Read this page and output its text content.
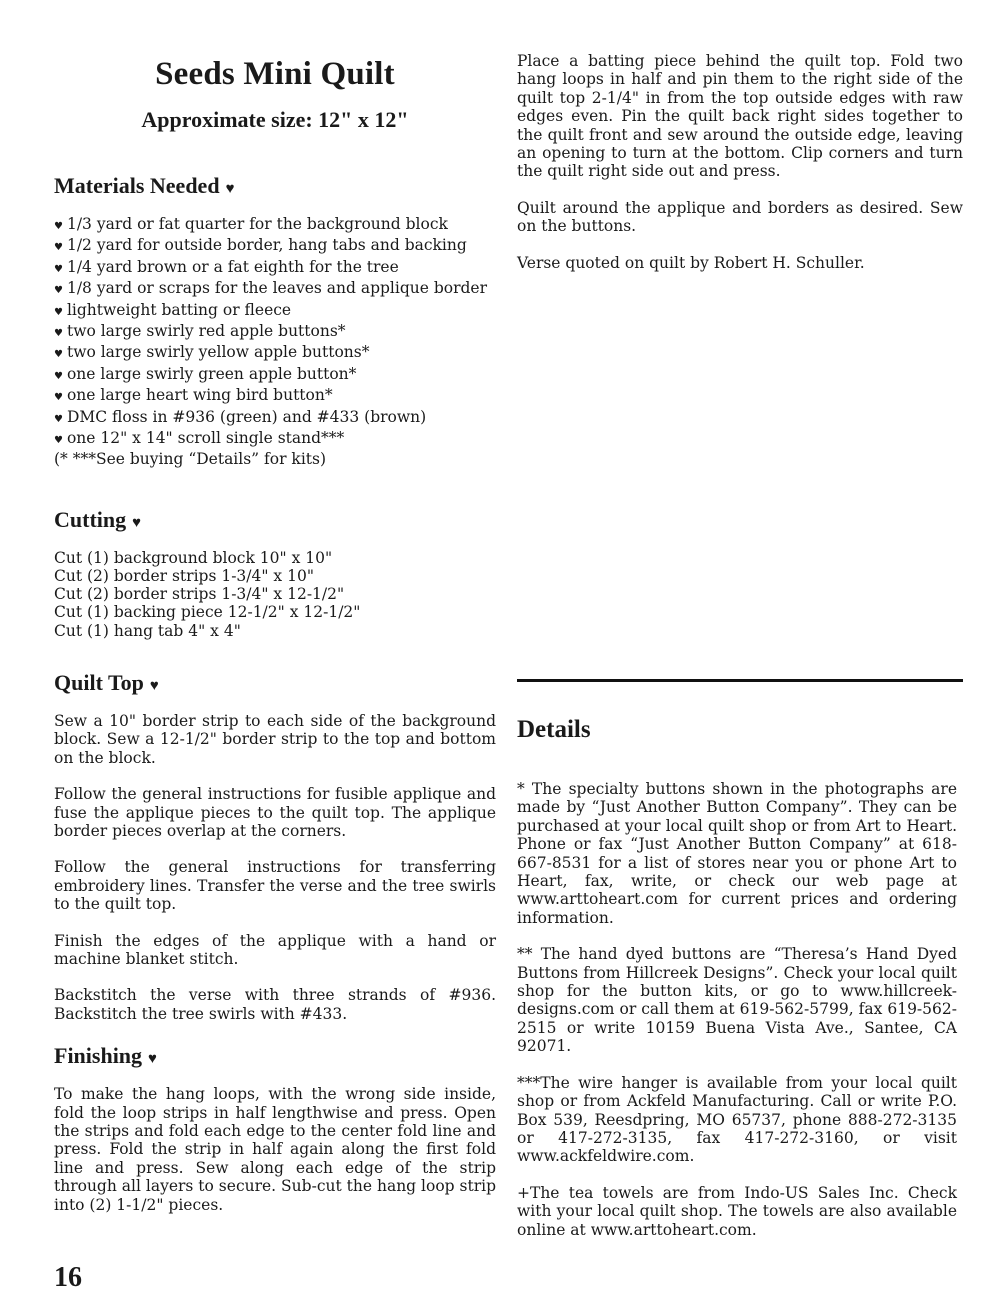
Seeds Mini Quilt
Approximate size: 12" x 12"
Materials Needed ♥
♥ 1/3 yard or fat quarter for the background block
♥ 1/2 yard for outside border, hang tabs and backing
♥ 1/4 yard brown or a fat eighth for the tree
♥ 1/8 yard or scraps for the leaves and applique border
♥ lightweight batting or fleece
♥ two large swirly red apple buttons*
♥ two large swirly yellow apple buttons*
♥ one large swirly green apple button*
♥ one large heart wing bird button*
♥ DMC floss in #936 (green) and #433 (brown)
♥ one 12" x 14" scroll single stand***

(* ***See buying “Details” for kits)

Cutting ♥
Cut (1) background block 10" x 10"
Cut (2) border strips 1-3/4" x 10"
Cut (2) border strips 1-3/4" x 12-1/2"
Cut (1) backing piece 12-1/2" x 12-1/2"
Cut (1) hang tab 4" x 4"
Quilt Top ♥

Sew a 10" border strip to each side of the background block. Sew a 12-1/2" border strip to the top and bottom on the block.

Follow the general instructions for fusible applique and fuse the applique pieces to the quilt top. The applique border pieces overlap at the corners.

Follow the general instructions for transferring embroidery lines. Transfer the verse and the tree swirls to the quilt top.

Finish the edges of the applique with a hand or machine blanket stitch.

Backstitch the verse with three strands of #936. Backstitch the tree swirls with #433.

Finishing ♥

To make the hang loops, with the wrong side inside, fold the loop strips in half lengthwise and press. Open the strips and fold each edge to the center fold line and press. Fold the strip in half again along the first fold line and press. Sew along each edge of the strip through all layers to secure. Sub-cut the hang loop strip into (2) 1-1/2" pieces.

Place a batting piece behind the quilt top. Fold two hang loops in half and pin them to the right side of the quilt top 2-1/4" in from the top outside edges with raw edges even. Pin the quilt back right sides together to the quilt front and sew around the outside edge, leaving an opening to turn at the bottom. Clip corners and turn the quilt right side out and press.

Quilt around the applique and borders as desired. Sew on the buttons.

Verse quoted on quilt by Robert H. Schuller.

Details

* The specialty buttons shown in the photographs are made by “Just Another Button Company”. They can be purchased at your local quilt shop or from Art to Heart. Phone or fax “Just Another Button Company” at 618-667-8531 for a list of stores near you or phone Art to Heart, fax, write, or check our web page at www.arttoheart.com for current prices and ordering information.

** The hand dyed buttons are “Theresa’s Hand Dyed Buttons from Hillcreek Designs”. Check your local quilt shop for the button kits, or go to www.hillcreek-designs.com or call them at 619-562-5799, fax 619-562-2515 or write 10159 Buena Vista Ave., Santee, CA 92071.

***The wire hanger is available from your local quilt shop or from Ackfeld Manufacturing. Call or write P.O. Box 539, Reesdpring, MO 65737, phone 888-272-3135 or 417-272-3135, fax 417-272-3160, or visit www.ackfeldwire.com.

+The tea towels are from Indo-US Sales Inc. Check with your local quilt shop. The towels are also available online at www.arttoheart.com.

16
